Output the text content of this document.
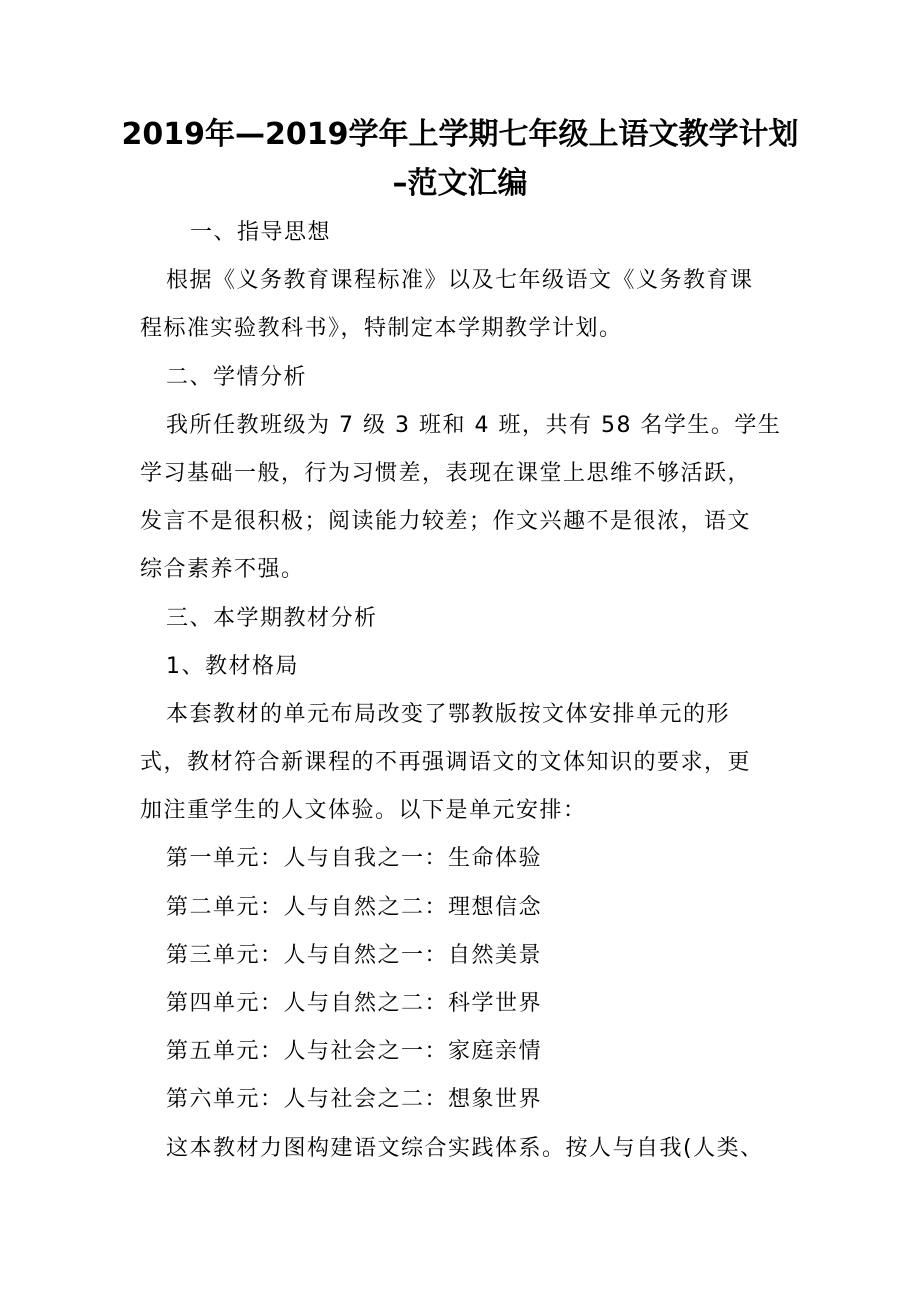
2019年—2019学年上学期七年级上语文教学计划
–范文汇编
一、指导思想
根据《义务教育课程标准》以及七年级语文《义务教育课
程标准实验教科书》，特制定本学期教学计划。
二、学情分析
我所任教班级为 7 级 3 班和 4 班，共有 58 名学生。学生
学习基础一般，行为习惯差，表现在课堂上思维不够活跃，
发言不是很积极；阅读能力较差；作文兴趣不是很浓，语文
综合素养不强。
三、本学期教材分析
1、教材格局
本套教材的单元布局改变了鄂教版按文体安排单元的形
式，教材符合新课程的不再强调语文的文体知识的要求，更
加注重学生的人文体验。以下是单元安排：
第一单元：人与自我之一：生命体验
第二单元：人与自然之二：理想信念
第三单元：人与自然之一：自然美景
第四单元：人与自然之二：科学世界
第五单元：人与社会之一：家庭亲情
第六单元：人与社会之二：想象世界
这本教材力图构建语文综合实践体系。按人与自我(人类、
